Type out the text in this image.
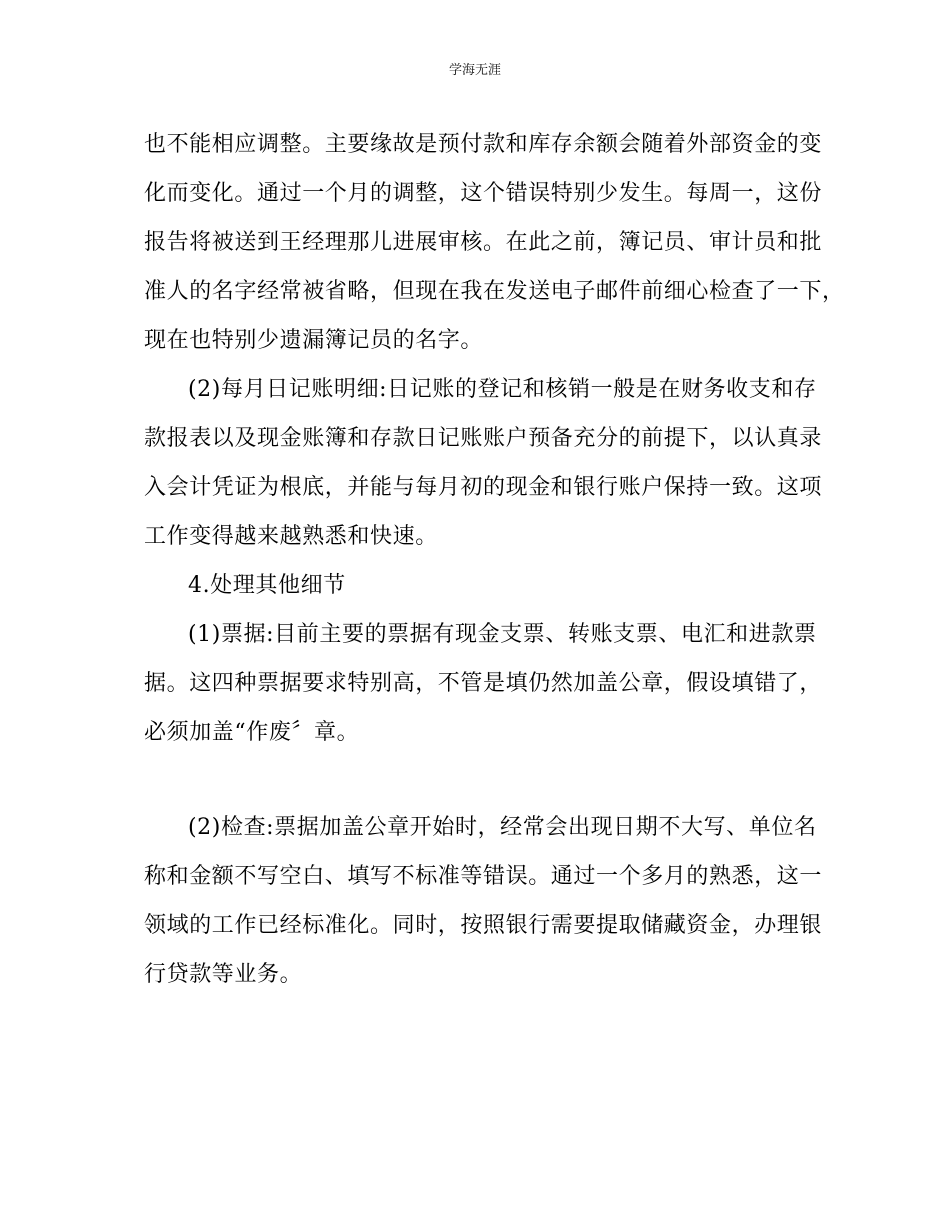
学海无涯

也不能相应调整。主要缘故是预付款和库存余额会随着外部资金的变

化而变化。通过一个月的调整，这个错误特别少发生。每周一，这份

报告将被送到王经理那儿进展审核。在此之前，簿记员、审计员和批

准人的名字经常被省略，但现在我在发送电子邮件前细心检查了一下，

现在也特别少遗漏簿记员的名字。

(2)每月日记账明细:日记账的登记和核销一般是在财务收支和存

款报表以及现金账簿和存款日记账账户预备充分的前提下，以认真录

入会计凭证为根底，并能与每月初的现金和银行账户保持一致。这项

工作变得越来越熟悉和快速。

4.处理其他细节

(1)票据:目前主要的票据有现金支票、转账支票、电汇和进款票

据。这四种票据要求特别高，不管是填仍然加盖公章，假设填错了，

必须加盖“作废〞章。

(2)检查:票据加盖公章开始时，经常会出现日期不大写、单位名

称和金额不写空白、填写不标准等错误。通过一个多月的熟悉，这一

领域的工作已经标准化。同时，按照银行需要提取储藏资金，办理银

行贷款等业务。
